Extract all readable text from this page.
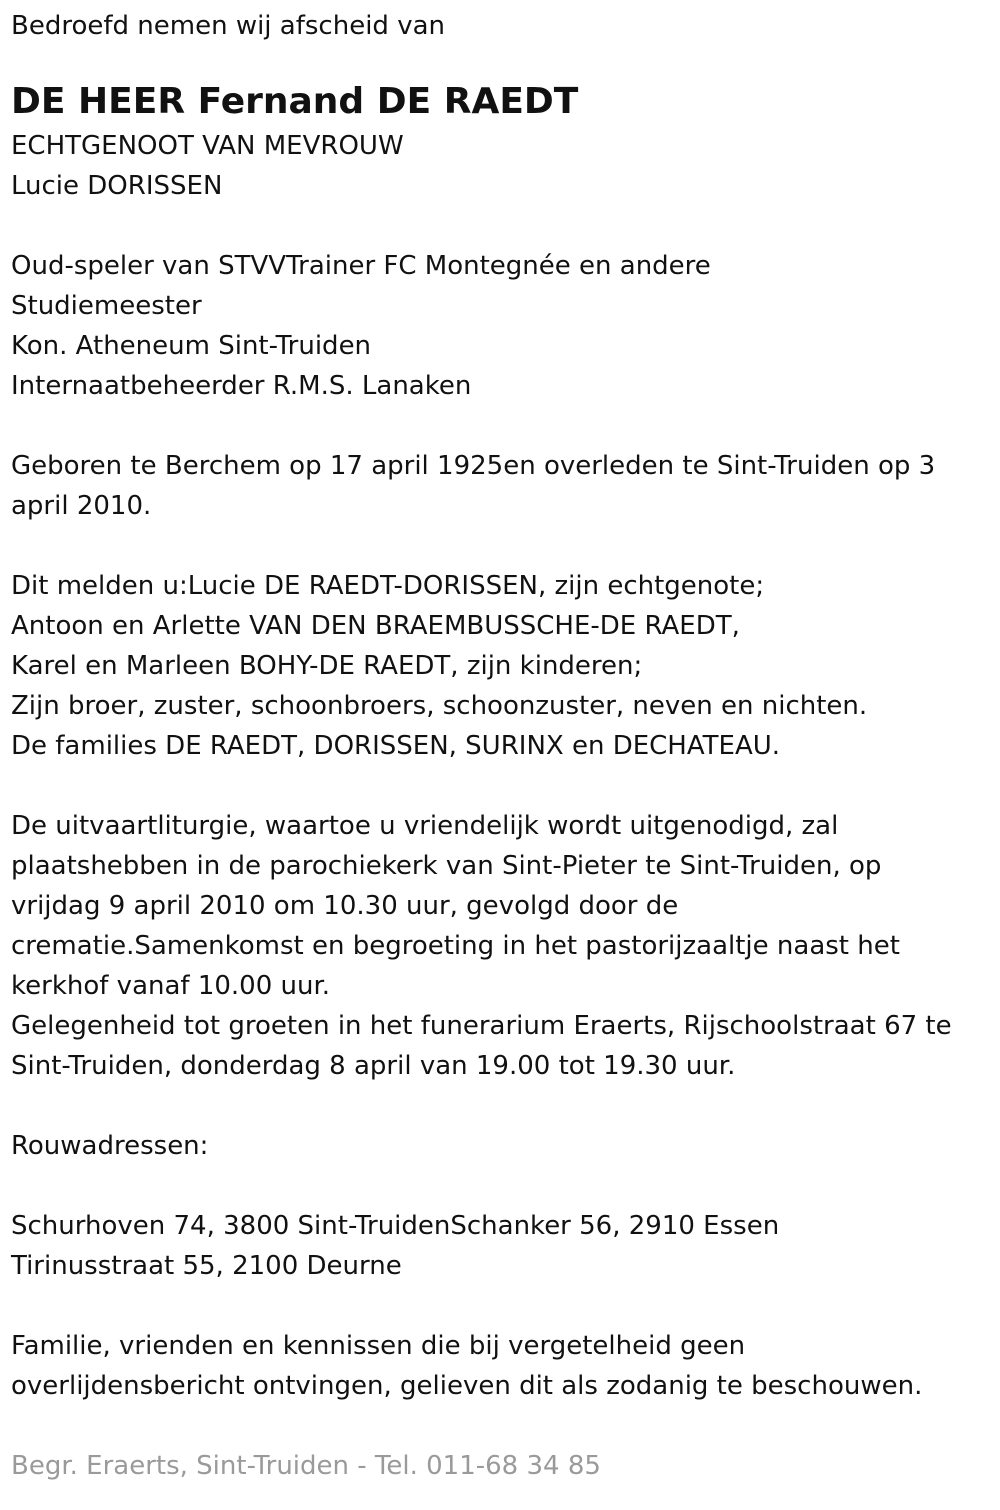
Bedroefd nemen wij afscheid van

DE HEER Fernand DE RAEDT

ECHTGENOOT VAN MEVROUW

Lucie DORISSEN

Oud-speler van STVVTrainer FC Montegnée en andere

Studiemeester

Kon. Atheneum Sint-Truiden

Internaatbeheerder R.M.S. Lanaken

Geboren te Berchem op 17 april 1925en overleden te Sint-Truiden op 3

april 2010.

Dit melden u:Lucie DE RAEDT-DORISSEN, zijn echtgenote;

Antoon en Arlette VAN DEN BRAEMBUSSCHE-DE RAEDT,

Karel en Marleen BOHY-DE RAEDT, zijn kinderen;

Zijn broer, zuster, schoonbroers, schoonzuster, neven en nichten.

De families DE RAEDT, DORISSEN, SURINX en DECHATEAU.

De uitvaartliturgie, waartoe u vriendelijk wordt uitgenodigd, zal

plaatshebben in de parochiekerk van Sint-Pieter te Sint-Truiden, op

vrijdag 9 april 2010 om 10.30 uur, gevolgd door de

crematie.Samenkomst en begroeting in het pastorijzaaltje naast het

kerkhof vanaf 10.00 uur.

Gelegenheid tot groeten in het funerarium Eraerts, Rijschoolstraat 67 te

Sint-Truiden, donderdag 8 april van 19.00 tot 19.30 uur.

Rouwadressen:

Schurhoven 74, 3800 Sint-TruidenSchanker 56, 2910 Essen

Tirinusstraat 55, 2100 Deurne

Familie, vrienden en kennissen die bij vergetelheid geen

overlijdensbericht ontvingen, gelieven dit als zodanig te beschouwen.

Begr. Eraerts, Sint-Truiden - Tel. 011-68 34 85
